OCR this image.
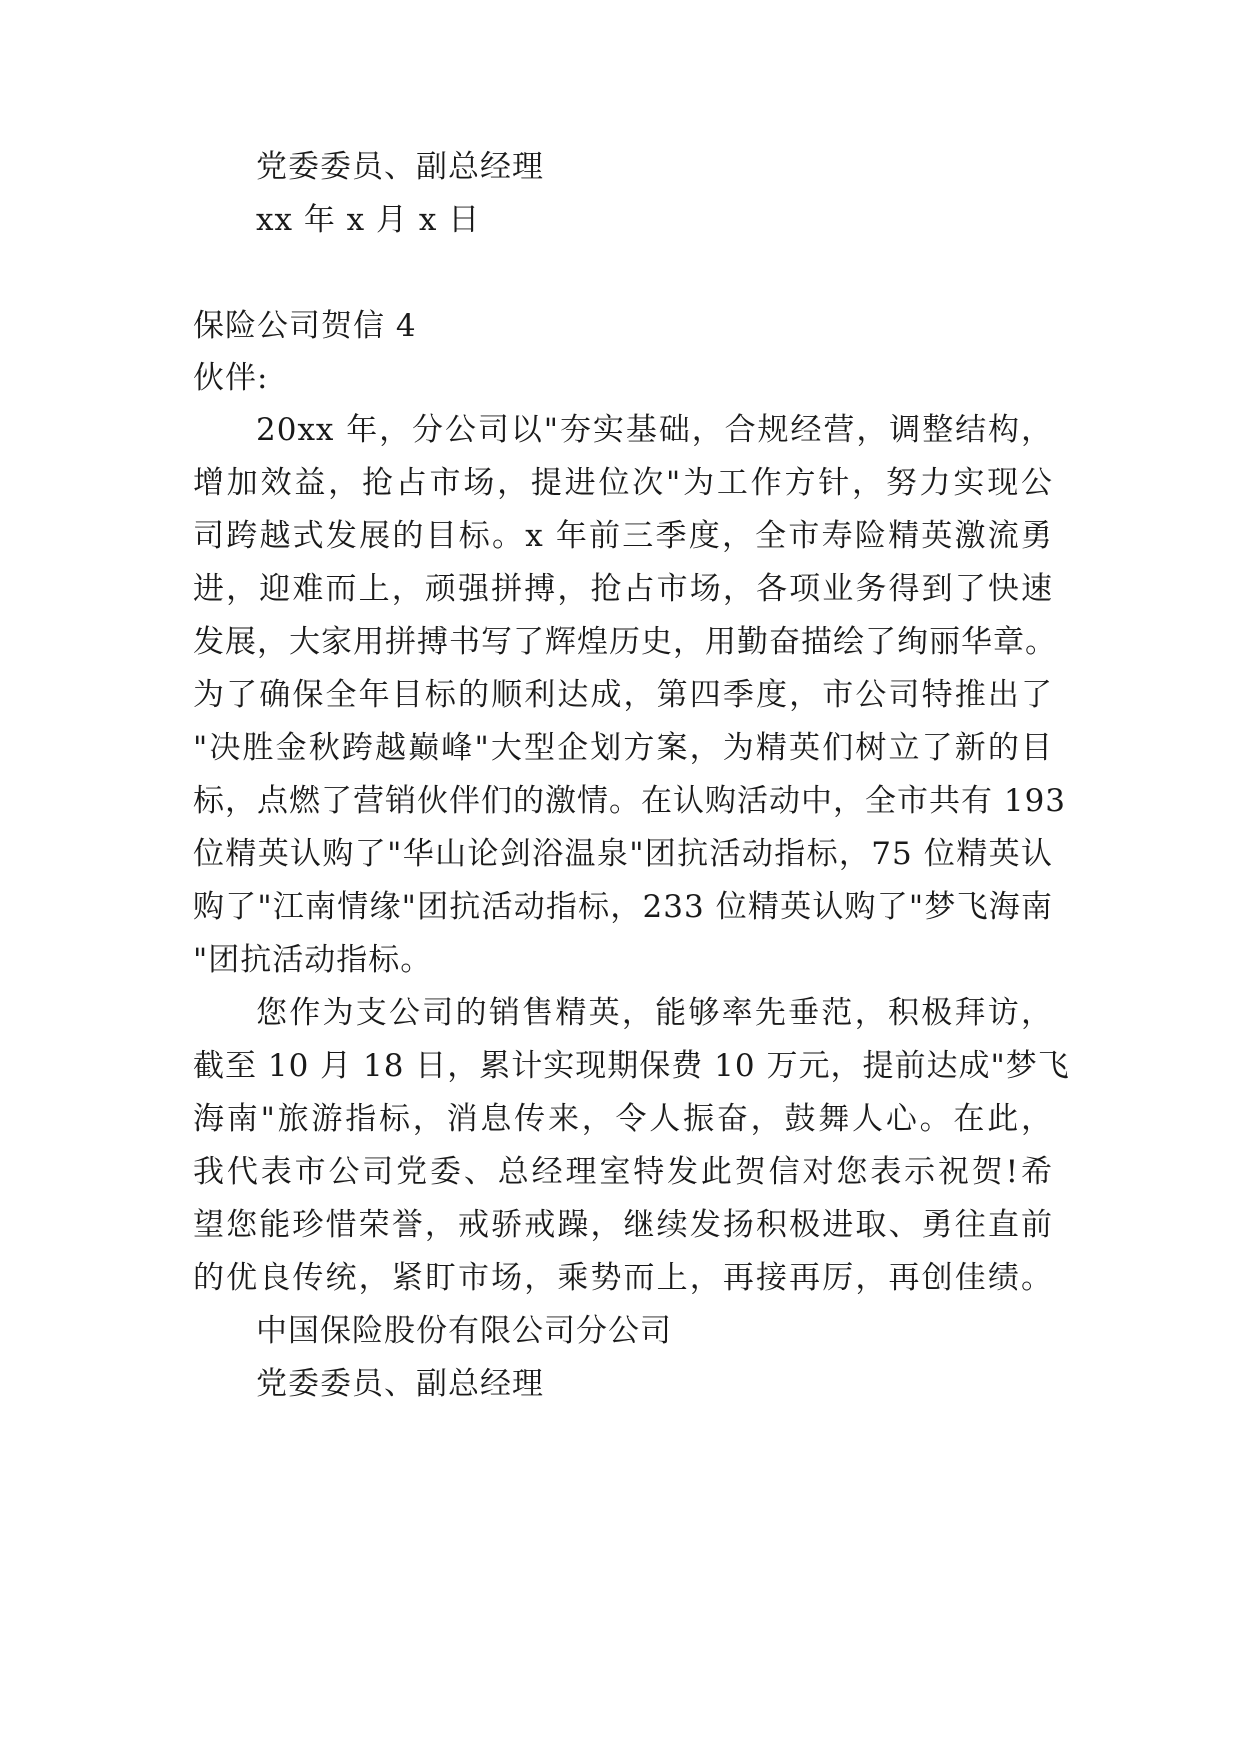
党委委员、副总经理
xx 年 x 月 x 日
保险公司贺信 4
伙伴:
20xx 年，分公司以"夯实基础，合规经营，调整结构，
增加效益，抢占市场，提进位次"为工作方针，努力实现公
司跨越式发展的目标。x 年前三季度，全市寿险精英激流勇
进，迎难而上，顽强拼搏，抢占市场，各项业务得到了快速
发展，大家用拼搏书写了辉煌历史，用勤奋描绘了绚丽华章。
为了确保全年目标的顺利达成，第四季度，市公司特推出了
"决胜金秋跨越巅峰"大型企划方案，为精英们树立了新的目
标，点燃了营销伙伴们的激情。在认购活动中，全市共有 193
位精英认购了"华山论剑浴温泉"团抗活动指标，75 位精英认
购了"江南情缘"团抗活动指标，233 位精英认购了"梦飞海南
"团抗活动指标。
您作为支公司的销售精英，能够率先垂范，积极拜访，
截至 10 月 18 日，累计实现期保费 10 万元，提前达成"梦飞
海南"旅游指标，消息传来，令人振奋，鼓舞人心。在此，
我代表市公司党委、总经理室特发此贺信对您表示祝贺!希
望您能珍惜荣誉，戒骄戒躁，继续发扬积极进取、勇往直前
的优良传统，紧盯市场，乘势而上，再接再厉，再创佳绩。
中国保险股份有限公司分公司
党委委员、副总经理
